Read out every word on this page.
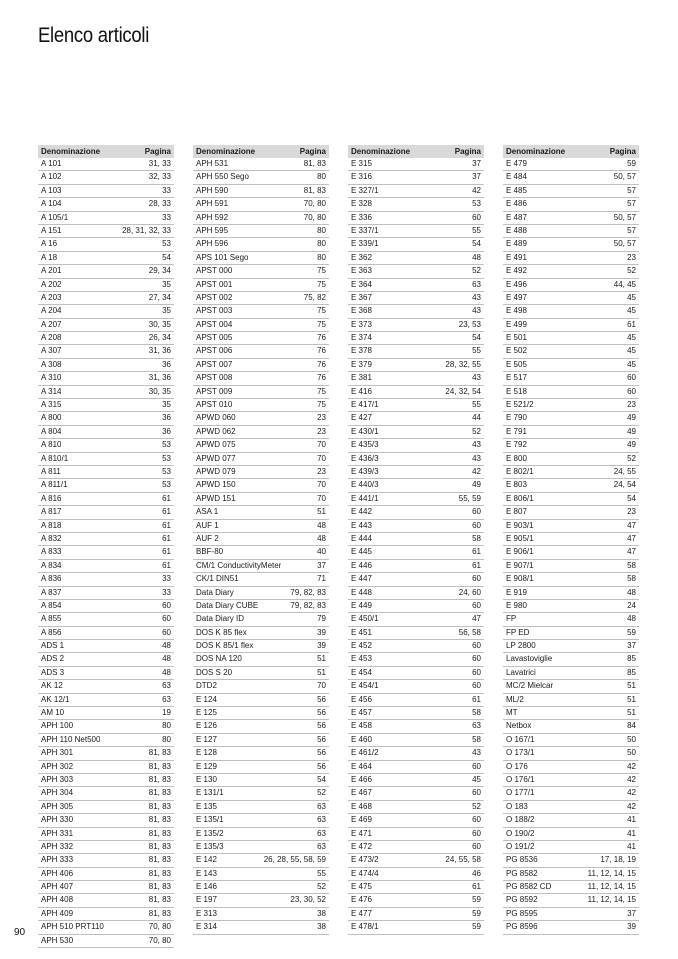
Elenco articoli
Denominazione	Pagina
A 101	31, 33
A 102	32, 33
A 103	33
A 104	28, 33
A 105/1	33
A 151	28, 31, 32, 33
A 16	53
A 18	54
A 201	29, 34
A 202	35
A 203	27, 34
A 204	35
A 207	30, 35
A 208	26, 34
A 307	31, 36
A 308	36
A 310	31, 36
A 314	30, 35
A 315	35
A 800	36
A 804	36
A 810	53
A 810/1	53
A 811	53
A 811/1	53
A 816	61
A 817	61
A 818	61
A 832	61
A 833	61
A 834	61
A 836	33
A 837	33
A 854	60
A 855	60
A 856	60
ADS 1	48
ADS 2	48
ADS 3	48
AK 12	63
AK 12/1	63
AM 10	19
APH 100	80
APH 110 Net500	80
APH 301	81, 83
APH 302	81, 83
APH 303	81, 83
APH 304	81, 83
APH 305	81, 83
APH 330	81, 83
APH 331	81, 83
APH 332	81, 83
APH 333	81, 83
APH 406	81, 83
APH 407	81, 83
APH 408	81, 83
APH 409	81, 83
APH 510 PRT110	70, 80
APH 530	70, 80
Denominazione	Pagina
APH 531	81, 83
APH 550 Sego	80
APH 590	81, 83
APH 591	70, 80
APH 592	70, 80
APH 595	80
APH 596	80
APS 101 Sego	80
APST 000	75
APST 001	75
APST 002	75, 82
APST 003	75
APST 004	75
APST 005	76
APST 006	76
APST 007	76
APST 008	76
APST 009	75
APST 010	75
APWD 060	23
APWD 062	23
APWD 075	70
APWD 077	70
APWD 079	23
APWD 150	70
APWD 151	70
ASA 1	51
AUF 1	48
AUF 2	48
BBF-80	40
CM/1 ConductivityMeter	37
CK/1 DIN51	71
Data Diary	79, 82, 83
Data Diary CUBE	79, 82, 83
Data Diary ID	79
DOS K 85 flex	39
DOS K 85/1 flex	39
DOS NA 120	51
DOS S 20	51
DTD2	70
E 124	56
E 125	56
E 126	56
E 127	56
E 128	56
E 129	56
E 130	54
E 131/1	52
E 135	63
E 135/1	63
E 135/2	63
E 135/3	63
E 142	26, 28, 55, 58, 59
E 143	55
E 146	52
E 197	23, 30, 52
E 313	38
E 314	38
Denominazione	Pagina
E 315	37
E 316	37
E 327/1	42
E 328	53
E 336	60
E 337/1	55
E 339/1	54
E 362	48
E 363	52
E 364	63
E 367	43
E 368	43
E 373	23, 53
E 374	54
E 378	55
E 379	28, 32, 55
E 381	43
E 416	24, 32, 54
E 417/1	55
E 427	44
E 430/1	52
E 435/3	43
E 436/3	43
E 439/3	42
E 440/3	49
E 441/1	55, 59
E 442	60
E 443	60
E 444	58
E 445	61
E 446	61
E 447	60
E 448	24, 60
E 449	60
E 450/1	47
E 451	56, 58
E 452	60
E 453	60
E 454	60
E 454/1	60
E 456	61
E 457	58
E 458	63
E 460	58
E 461/2	43
E 464	60
E 466	45
E 467	60
E 468	52
E 469	60
E 471	60
E 472	60
E 473/2	24, 55, 58
E 474/4	46
E 475	61
E 476	59
E 477	59
E 478/1	59
Denominazione	Pagina
E 479	59
E 484	50, 57
E 485	57
E 486	57
E 487	50, 57
E 488	57
E 489	50, 57
E 491	23
E 492	52
E 496	44, 45
E 497	45
E 498	45
E 499	61
E 501	45
E 502	45
E 505	45
E 517	60
E 518	60
E 521/2	23
E 790	49
E 791	49
E 792	49
E 800	52
E 802/1	24, 55
E 803	24, 54
E 806/1	54
E 807	23
E 903/1	47
E 905/1	47
E 906/1	47
E 907/1	58
E 908/1	58
E 919	48
E 980	24
FP	48
FP ED	59
LP 2800	37
Lavastoviglie	85
Lavatrici	85
MC/2 Mielcar	51
ML/2	51
MT	51
Netbox	84
O 167/1	50
O 173/1	50
O 176	42
O 176/1	42
O 177/1	42
O 183	42
O 188/2	41
O 190/2	41
O 191/2	41
PG 8536	17, 18, 19
PG 8582	11, 12, 14, 15
PG 8582 CD	11, 12, 14, 15
PG 8592	11, 12, 14, 15
PG 8595	37
PG 8596	39
90
